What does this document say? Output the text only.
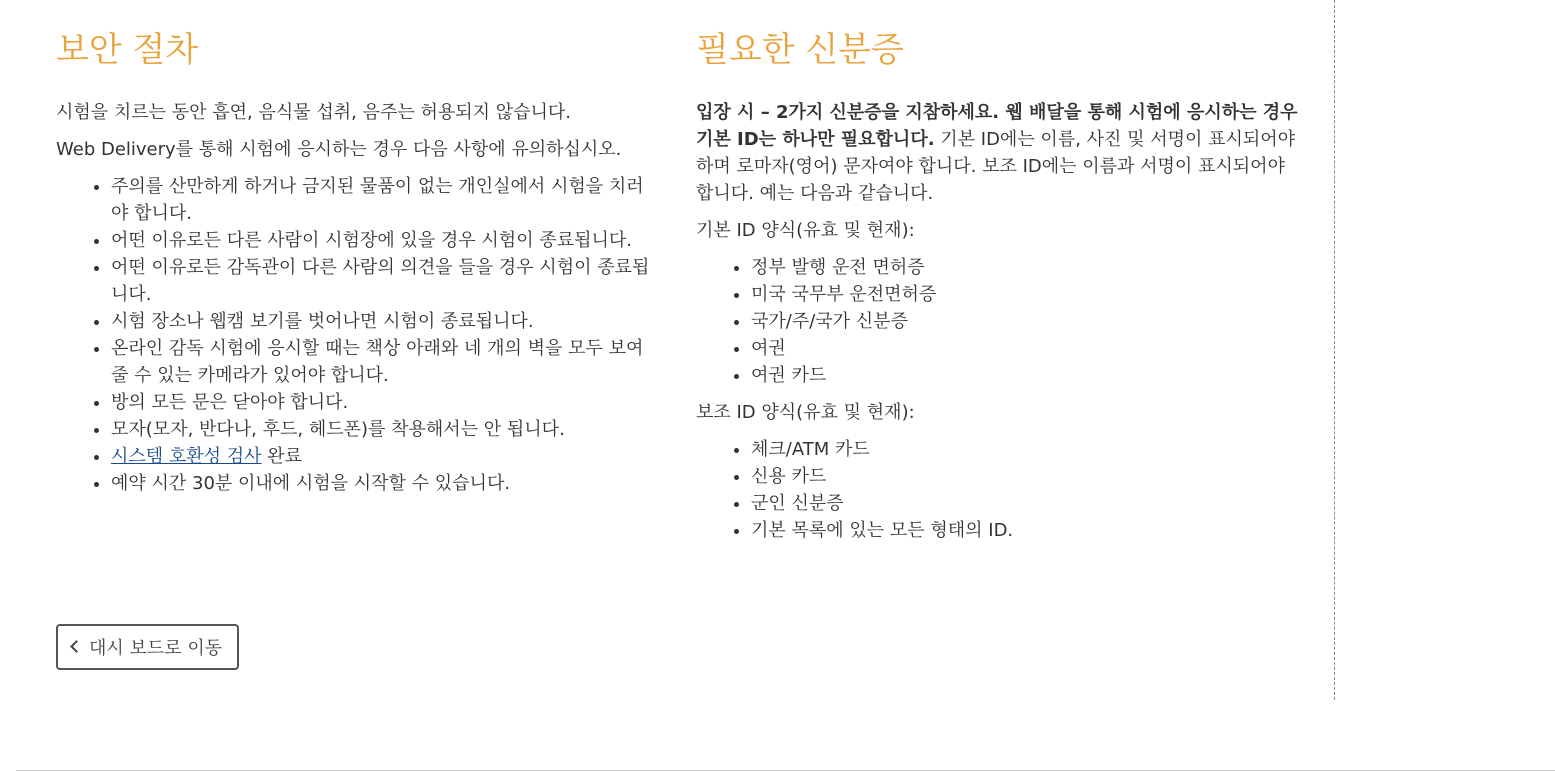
보안 절차

시험을 치르는 동안 흡연, 음식물 섭취, 음주는 허용되지 않습니다.

Web Delivery를 통해 시험에 응시하는 경우 다음 사항에 유의하십시오.

• 주의를 산만하게 하거나 금지된 물품이 없는 개인실에서 시험을 치러야 합니다.
• 어떤 이유로든 다른 사람이 시험장에 있을 경우 시험이 종료됩니다.
• 어떤 이유로든 감독관이 다른 사람의 의견을 들을 경우 시험이 종료됩니다.
• 시험 장소나 웹캠 보기를 벗어나면 시험이 종료됩니다.
• 온라인 감독 시험에 응시할 때는 책상 아래와 네 개의 벽을 모두 보여줄 수 있는 카메라가 있어야 합니다.
• 방의 모든 문은 닫아야 합니다.
• 모자(모자, 반다나, 후드, 헤드폰)를 착용해서는 안 됩니다.
• 시스템 호환성 검사 완료
• 예약 시간 30분 이내에 시험을 시작할 수 있습니다.
필요한 신분증

입장 시 – 2가지 신분증을 지참하세요. 웹 배달을 통해 시험에 응시하는 경우 기본 ID는 하나만 필요합니다. 기본 ID에는 이름, 사진 및 서명이 표시되어야 하며 로마자(영어) 문자여야 합니다. 보조 ID에는 이름과 서명이 표시되어야 합니다. 예는 다음과 같습니다.

기본 ID 양식(유효 및 현재):

• 정부 발행 운전 면허증
• 미국 국무부 운전면허증
• 국가/주/국가 신분증
• 여권
• 여권 카드

보조 ID 양식(유효 및 현재):

• 체크/ATM 카드
• 신용 카드
• 군인 신분증
• 기본 목록에 있는 모든 형태의 ID.
대시 보드로 이동
